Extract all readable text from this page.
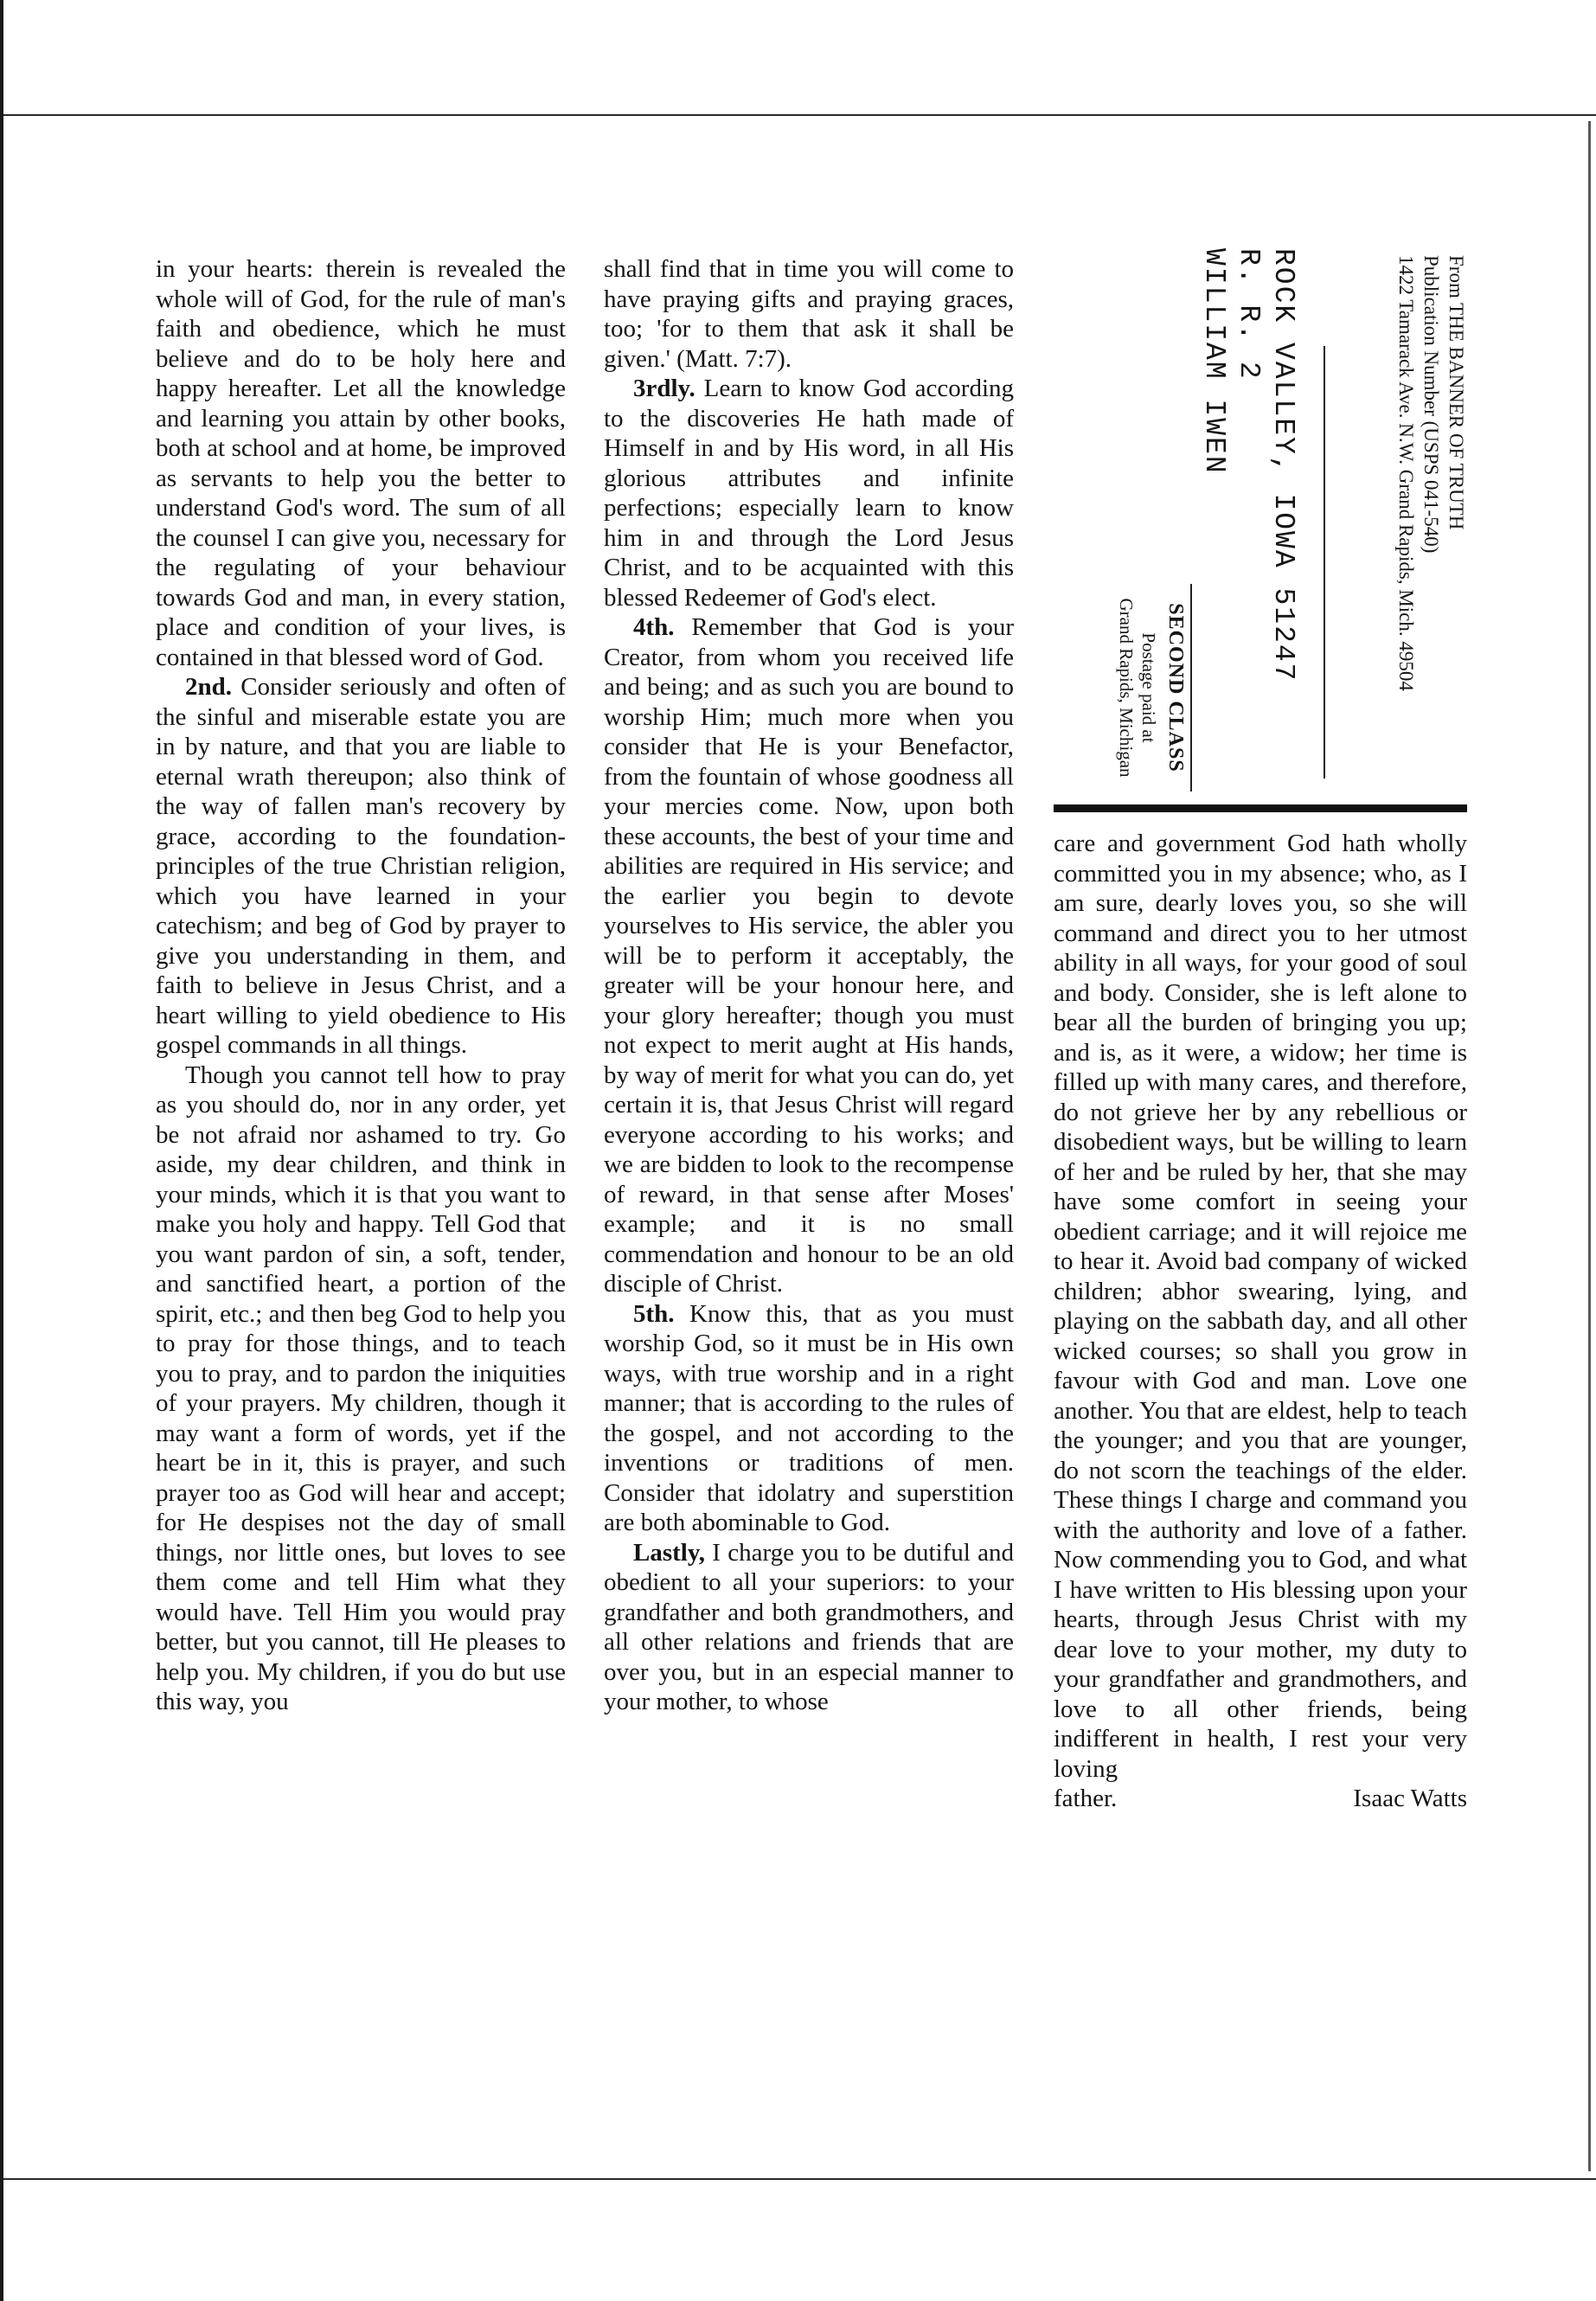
in your hearts: therein is revealed the whole will of God, for the rule of man's faith and obedience, which he must believe and do to be holy here and happy hereafter. Let all the knowledge and learning you attain by other books, both at school and at home, be improved as servants to help you the better to understand God's word. The sum of all the counsel I can give you, necessary for the regulating of your behaviour towards God and man, in every station, place and condition of your lives, is contained in that blessed word of God.

2nd. Consider seriously and often of the sinful and miserable estate you are in by nature, and that you are liable to eternal wrath thereupon; also think of the way of fallen man's recovery by grace, according to the foundation-principles of the true Christian religion, which you have learned in your catechism; and beg of God by prayer to give you understanding in them, and faith to believe in Jesus Christ, and a heart willing to yield obedience to His gospel commands in all things.

Though you cannot tell how to pray as you should do, nor in any order, yet be not afraid nor ashamed to try. Go aside, my dear children, and think in your minds, which it is that you want to make you holy and happy. Tell God that you want pardon of sin, a soft, tender, and sanctified heart, a portion of the spirit, etc.; and then beg God to help you to pray for those things, and to teach you to pray, and to pardon the iniquities of your prayers. My children, though it may want a form of words, yet if the heart be in it, this is prayer, and such prayer too as God will hear and accept; for He despises not the day of small things, nor little ones, but loves to see them come and tell Him what they would have. Tell Him you would pray better, but you cannot, till He pleases to help you. My children, if you do but use this way, you

shall find that in time you will come to have praying gifts and praying graces, too; 'for to them that ask it shall be given.' (Matt. 7:7).

3rdly. Learn to know God according to the discoveries He hath made of Himself in and by His word, in all His glorious attributes and infinite perfections; especially learn to know him in and through the Lord Jesus Christ, and to be acquainted with this blessed Redeemer of God's elect.

4th. Remember that God is your Creator, from whom you received life and being; and as such you are bound to worship Him; much more when you consider that He is your Benefactor, from the fountain of whose goodness all your mercies come. Now, upon both these accounts, the best of your time and abilities are required in His service; and the earlier you begin to devote yourselves to His service, the abler you will be to perform it acceptably, the greater will be your honour here, and your glory hereafter; though you must not expect to merit aught at His hands, by way of merit for what you can do, yet certain it is, that Jesus Christ will regard everyone according to his works; and we are bidden to look to the recompense of reward, in that sense after Moses' example; and it is no small commendation and honour to be an old disciple of Christ.

5th. Know this, that as you must worship God, so it must be in His own ways, with true worship and in a right manner; that is according to the rules of the gospel, and not according to the inventions or traditions of men. Consider that idolatry and superstition are both abominable to God.

Lastly, I charge you to be dutiful and obedient to all your superiors: to your grandfather and both grandmothers, and all other relations and friends that are over you, but in an especial manner to your mother, to whose

From THE BANNER OF TRUTH
Publication Number (USPS 041-540)
1422 Tamarack Ave. N.W. Grand Rapids, Mich. 49504
ROCK VALLEY, IOWA 51247
R. R. 2
WILLIAM IWEN
SECOND CLASS
Postage paid at
Grand Rapids, Michigan

care and government God hath wholly committed you in my absence; who, as I am sure, dearly loves you, so she will command and direct you to her utmost ability in all ways, for your good of soul and body. Consider, she is left alone to bear all the burden of bringing you up; and is, as it were, a widow; her time is filled up with many cares, and therefore, do not grieve her by any rebellious or disobedient ways, but be willing to learn of her and be ruled by her, that she may have some comfort in seeing your obedient carriage; and it will rejoice me to hear it. Avoid bad company of wicked children; abhor swearing, lying, and playing on the sabbath day, and all other wicked courses; so shall you grow in favour with God and man. Love one another. You that are eldest, help to teach the younger; and you that are younger, do not scorn the teachings of the elder. These things I charge and command you with the authority and love of a father. Now commending you to God, and what I have written to His blessing upon your hearts, through Jesus Christ with my dear love to your mother, my duty to your grandfather and grandmothers, and love to all other friends, being indifferent in health, I rest your very loving

father.	Isaac Watts
